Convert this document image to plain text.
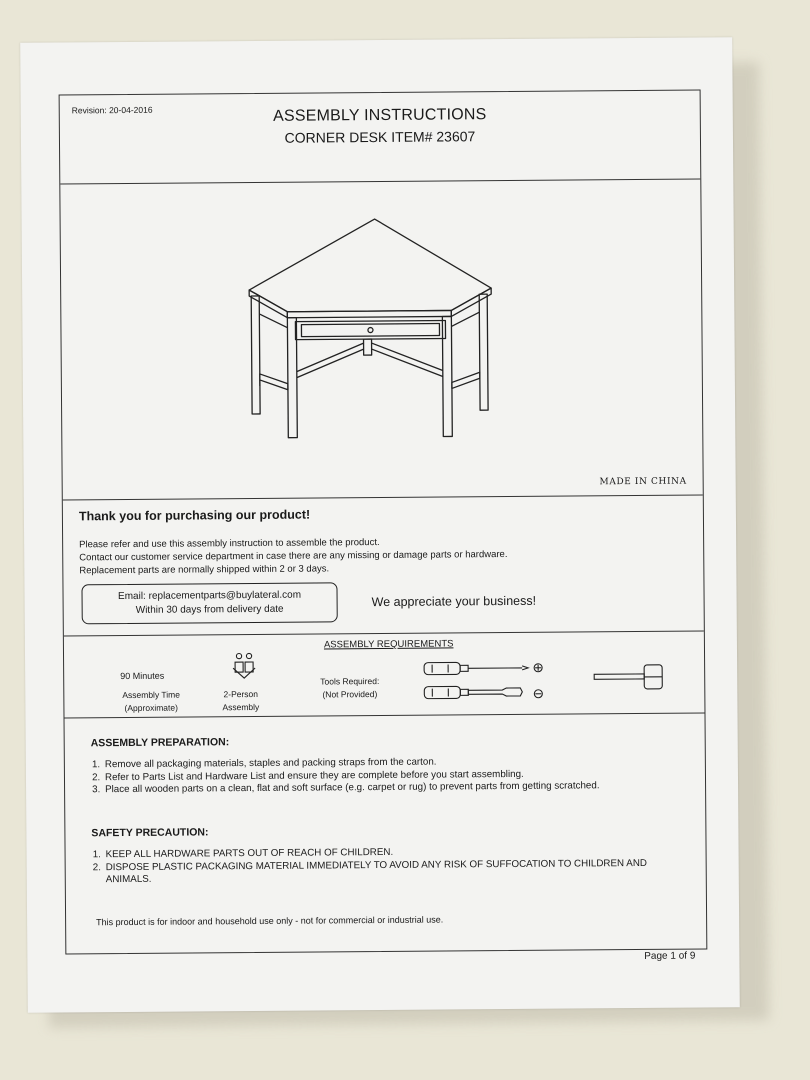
Revision: 20-04-2016	ASSEMBLY INSTRUCTIONS
CORNER DESK ITEM# 23607
MADE IN CHINA
Thank you for purchasing our product!
Please refer and use this assembly instruction to assemble the product.
Contact our customer service department in case there are any missing or damage parts or hardware.
Replacement parts are normally shipped within 2 or 3 days.
Email: replacementparts@buylateral.com
Within 30 days from delivery date
We appreciate your business!
ASSEMBLY REQUIREMENTS
90 Minutes
Assembly Time
(Approximate)
2-Person
Assembly
Tools Required:
(Not Provided)
ASSEMBLY PREPARATION:
1. Remove all packaging materials, staples and packing straps from the carton.
2. Refer to Parts List and Hardware List and ensure they are complete before you start assembling.
3. Place all wooden parts on a clean, flat and soft surface (e.g. carpet or rug) to prevent parts from getting scratched.
SAFETY PRECAUTION:
1. KEEP ALL HARDWARE PARTS OUT OF REACH OF CHILDREN.
2. DISPOSE PLASTIC PACKAGING MATERIAL IMMEDIATELY TO AVOID ANY RISK OF SUFFOCATION TO CHILDREN AND ANIMALS.
This product is for indoor and household use only - not for commercial or industrial use.
Page 1 of 9
